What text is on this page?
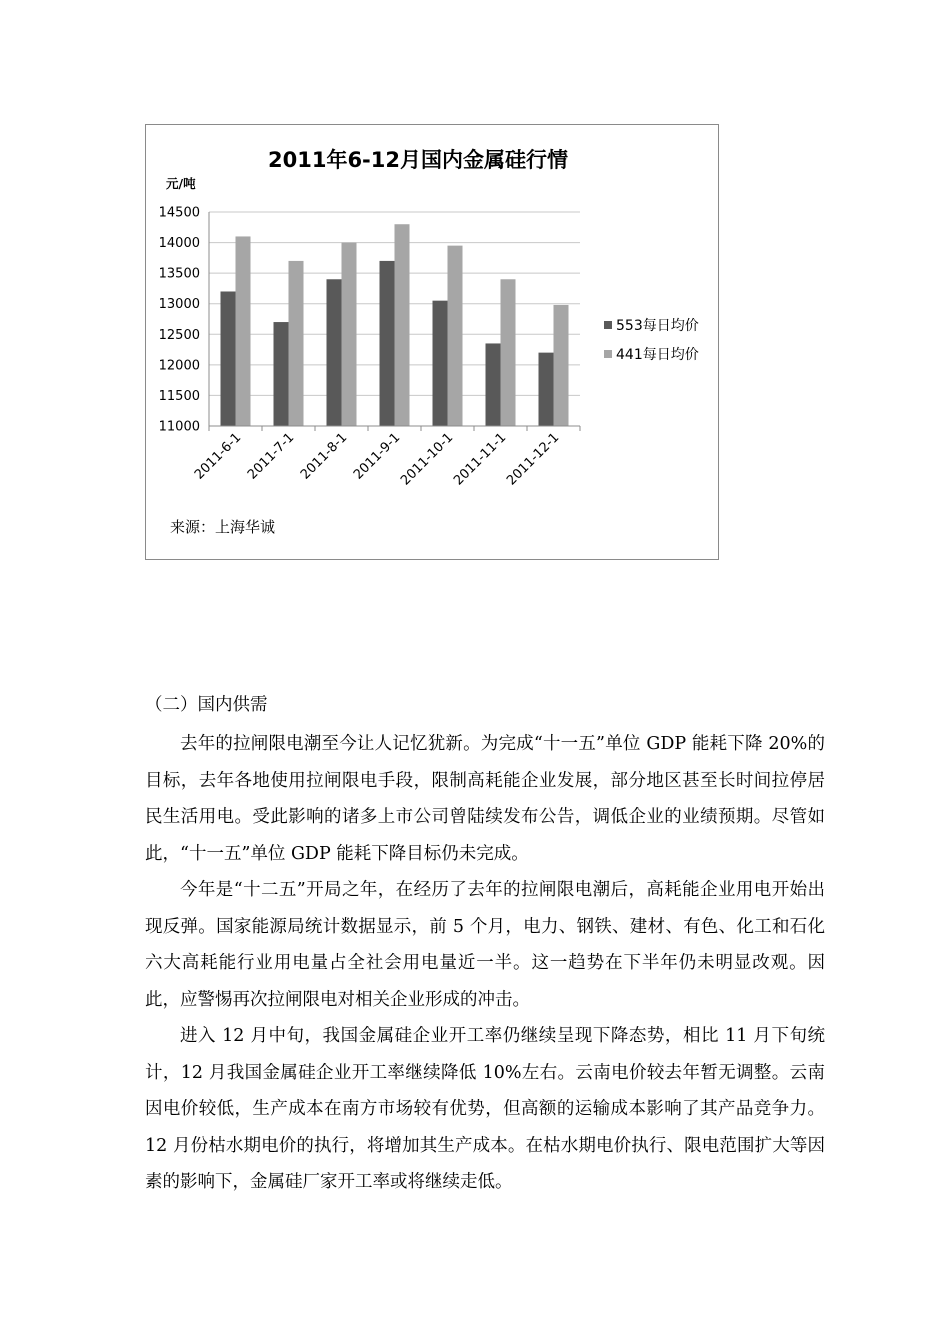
2011年6-12月国内金属硅行情
元/吨
11000
11500
12000
12500
13000
13500
14000
14500
2011-6-1 2011-7-1 2011-8-1 2011-9-1
2011-10-1
2011-11-1
2011-12-1
553每日均价
441每日均价
来源：上海华诚
（二）国内供需

去年的拉闸限电潮至今让人记忆犹新。为完成“十一五”单位 GDP 能耗下降 20%的目标，去年各地使用拉闸限电手段，限制高耗能企业发展，部分地区甚至长时间拉停居民生活用电。受此影响的诸多上市公司曾陆续发布公告，调低企业的业绩预期。尽管如此，“十一五”单位 GDP 能耗下降目标仍未完成。

今年是“十二五”开局之年，在经历了去年的拉闸限电潮后，高耗能企业用电开始出现反弹。国家能源局统计数据显示，前 5 个月，电力、钢铁、建材、有色、化工和石化六大高耗能行业用电量占全社会用电量近一半。这一趋势在下半年仍未明显改观。因此，应警惕再次拉闸限电对相关企业形成的冲击。

进入 12 月中旬，我国金属硅企业开工率仍继续呈现下降态势，相比 11 月下旬统计，12 月我国金属硅企业开工率继续降低 10%左右。云南电价较去年暂无调整。云南因电价较低，生产成本在南方市场较有优势，但高额的运输成本影响了其产品竞争力。12 月份枯水期电价的执行，将增加其生产成本。在枯水期电价执行、限电范围扩大等因素的影响下，金属硅厂家开工率或将继续走低。
